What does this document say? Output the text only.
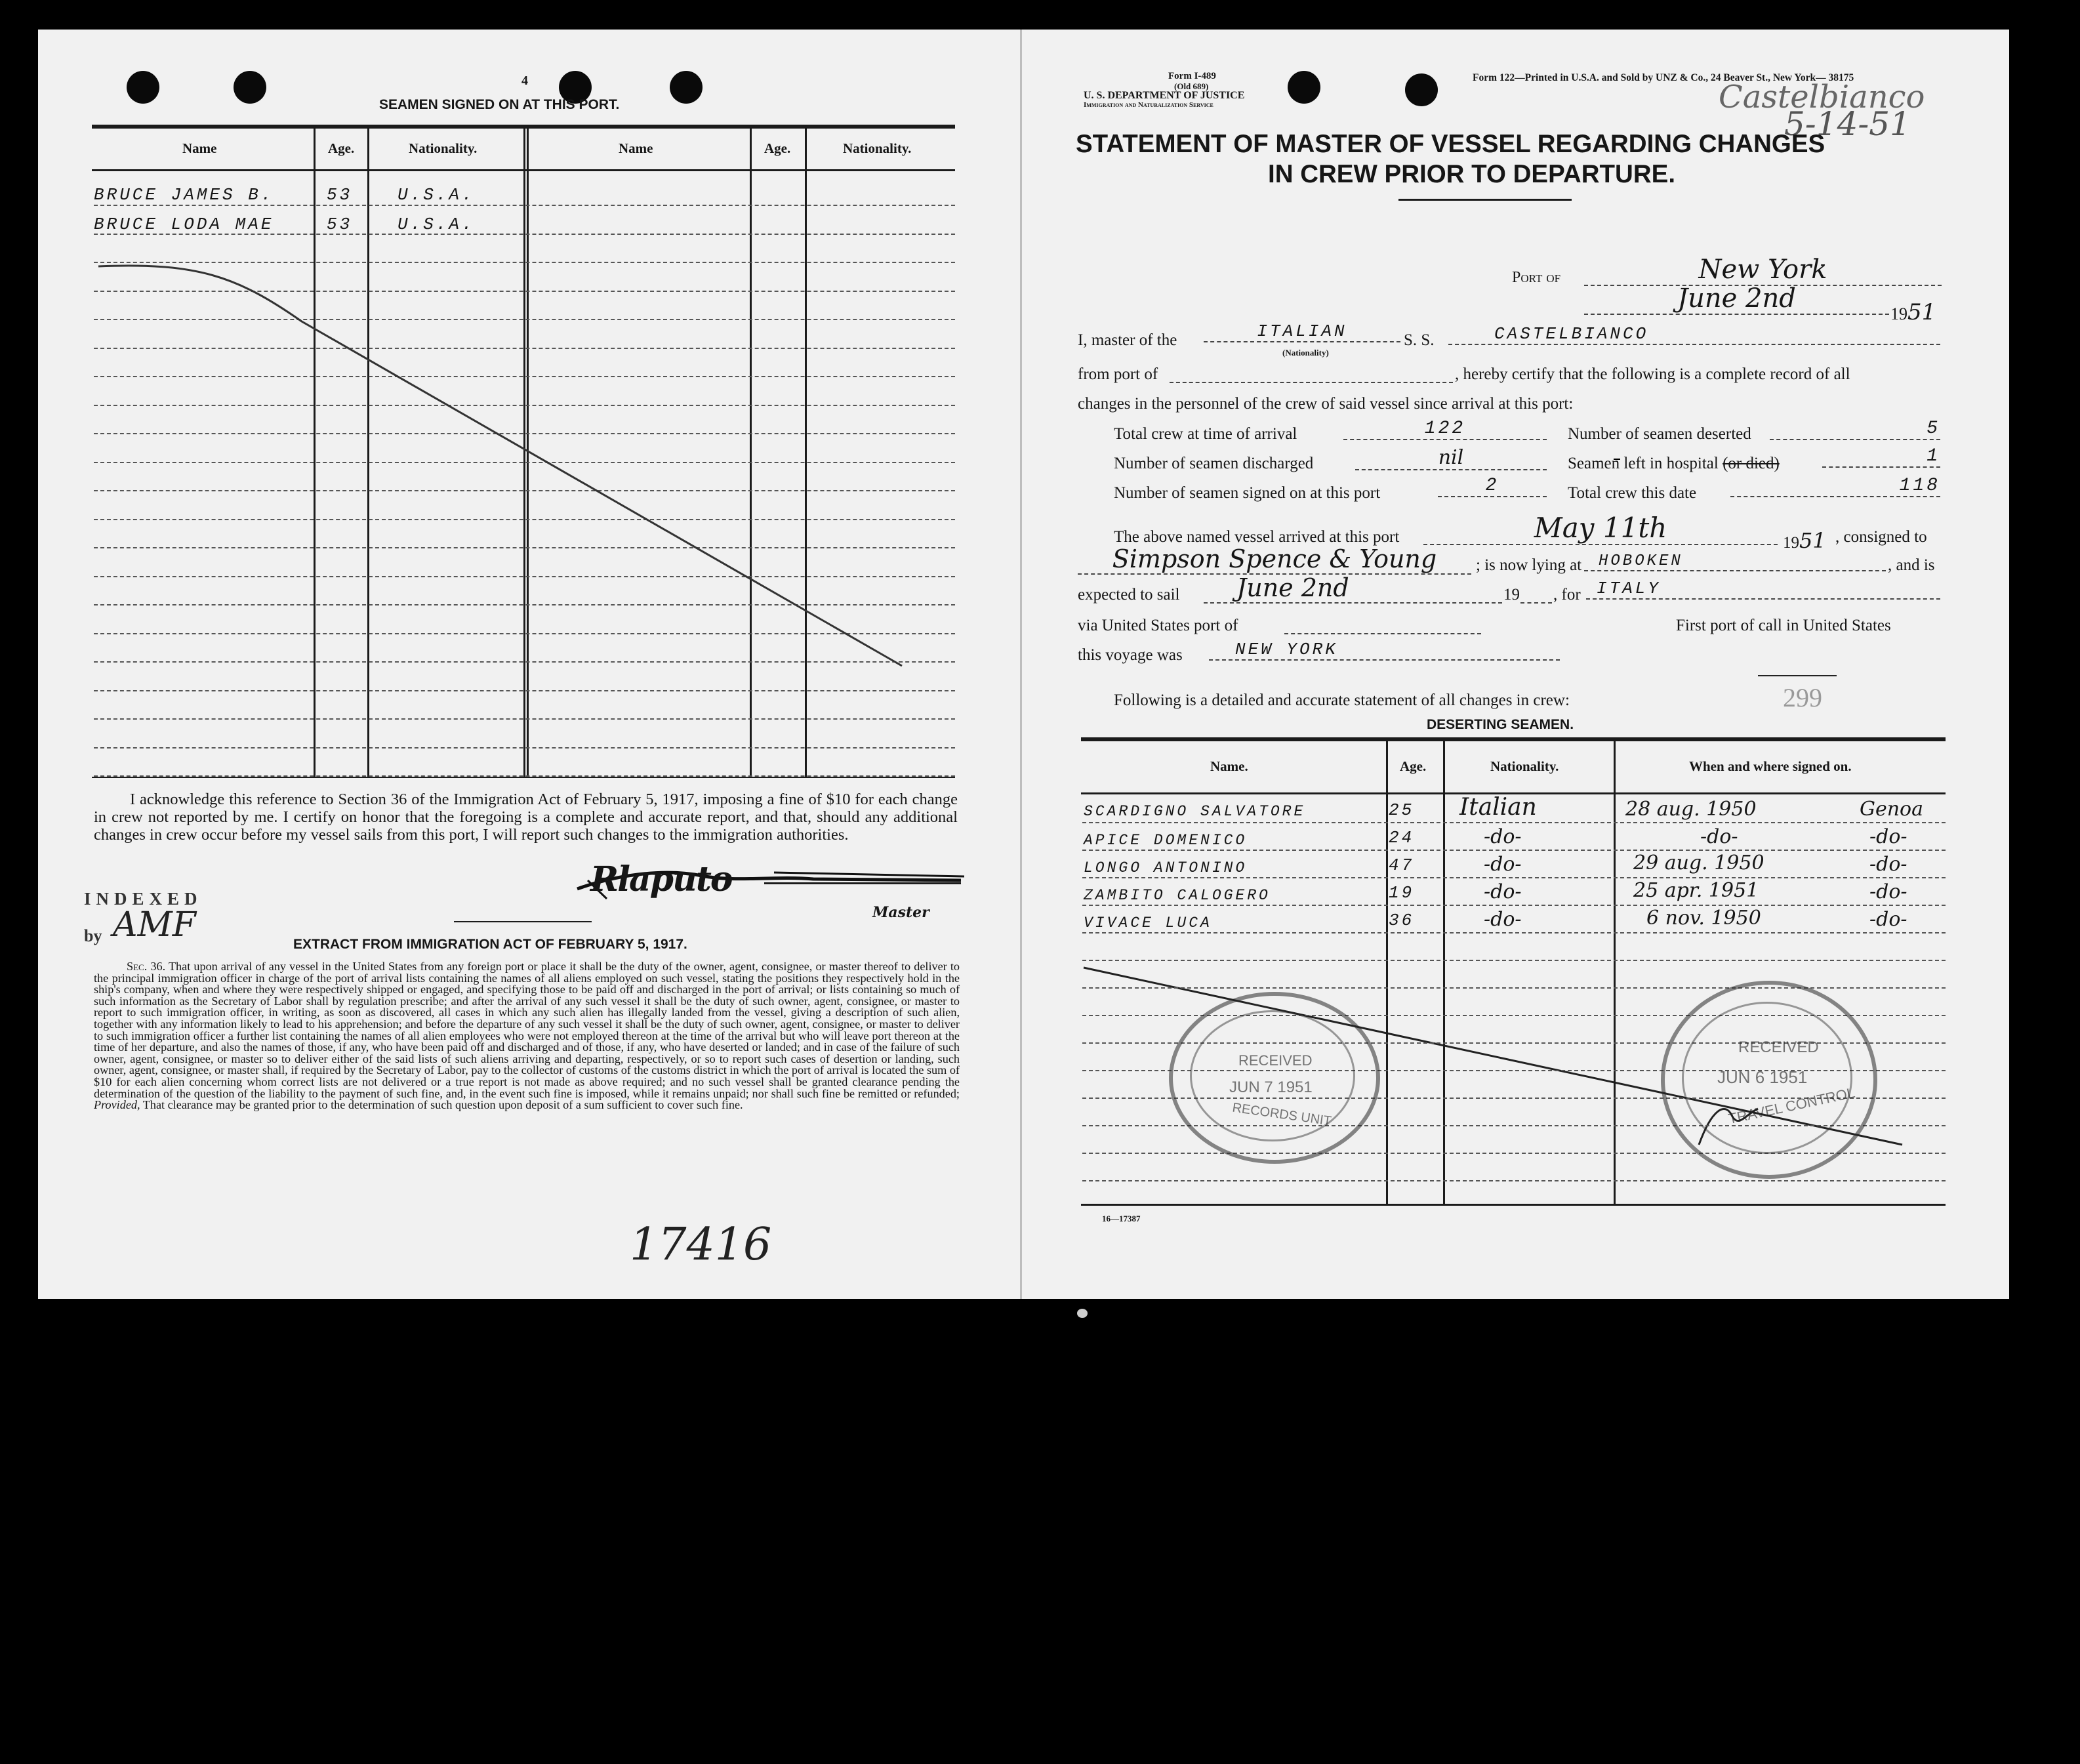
4
SEAMEN SIGNED ON AT THIS PORT.
Name	Age.	Nationality.	Name	Age.	Nationality.
BRUCE JAMES B.	53	U.S.A.
BRUCE LODA MAE	53	U.S.A.
I acknowledge this reference to Section 36 of the Immigration Act of February 5, 1917, imposing a fine of $10 for each change in crew not reported by me. I certify on honor that the foregoing is a complete and accurate report, and that, should any additional changes in crew occur before my vessel sails from this port, I will report such changes to the immigration authorities.
Rlaputo
Master
INDEXED
by AMF	EXTRACT FROM IMMIGRATION ACT OF FEBRUARY 5, 1917.
Sec. 36. That upon arrival of any vessel in the United States from any foreign port or place it shall be the duty of the owner, agent, consignee, or master thereof to deliver to the principal immigration officer in charge of the port of arrival lists containing the names of all aliens employed on such vessel, stating the positions they respectively hold in the ship's company, when and where they were respectively shipped or engaged, and specifying those to be paid off and discharged in the port of arrival; or lists containing so much of such information as the Secretary of Labor shall by regulation prescribe; and after the arrival of any such vessel it shall be the duty of such owner, agent, consignee, or master to report to such immigration officer, in writing, as soon as discovered, all cases in which any such alien has illegally landed from the vessel, giving a description of such alien, together with any information likely to lead to his apprehension; and before the departure of any such vessel it shall be the duty of such owner, agent, consignee, or master to deliver to such immigration officer a further list containing the names of all alien employees who were not employed thereon at the time of the arrival but who will leave port thereon at the time of her departure, and also the names of those, if any, who have been paid off and discharged and of those, if any, who have deserted or landed; and in case of the failure of such owner, agent, consignee, or master so to deliver either of the said lists of such aliens arriving and departing, respectively, or so to report such cases of desertion or landing, such owner, agent, consignee, or master shall, if required by the Secretary of Labor, pay to the collector of customs of the customs district in which the port of arrival is located the sum of $10 for each alien concerning whom correct lists are not delivered or a true report is not made as above required; and no such vessel shall be granted clearance pending the determination of the question of the liability to the payment of such fine, and, in the event such fine is imposed, while it remains unpaid; nor shall such fine be remitted or refunded; Provided, That clearance may be granted prior to the determination of such question upon deposit of a sum sufficient to cover such fine.
17416
Form I-489
(Old 689)
U. S. DEPARTMENT OF JUSTICE
Immigration and Naturalization Service
Form 122—Printed in U.S.A. and Sold by UNZ & Co., 24 Beaver St., New York— 38175
Castelbianco
5-14-51
STATEMENT OF MASTER OF VESSEL REGARDING CHANGES
IN CREW PRIOR TO DEPARTURE.
Port of	New York
June 2nd
1951
I, master of the	ITALIAN
(Nationality)
S. S.	CASTELBIANCO
from port of	, hereby certify that the following is a complete record of all
changes in the personnel of the crew of said vessel since arrival at this port:
Total crew at time of arrival	122	Number of seamen deserted	5
Number of seamen discharged	nil	Seamen left in hospital (or died)	1
Number of seamen signed on at this port	2	Total crew this date	118
The above named vessel arrived at this port	May 11th	1951 , consigned to
Simpson Spence & Young	; is now lying at	HOBOKEN	, and is
expected to sail	June 2nd	19 , for ITALY
via United States port of	First port of call in United States
this voyage was	NEW YORK
Following is a detailed and accurate statement of all changes in crew:	299
DESERTING SEAMEN.
Name.	Age.	Nationality.	When and where signed on.
SCARDIGNO SALVATORE	25 Italian	28 aug. 1950	Genoa
APICE DOMENICO	24	-do-	-do-	-do-
LONGO ANTONINO	47	-do-	29 aug. 1950	-do-
ZAMBITO CALOGERO	19	-do-	25 apr. 1951	-do-
VIVACE LUCA	36	-do-	6 nov. 1950	-do-
RECEIVED
JUN 7 1951
RECORDS UNIT
RECEIVED
JUN 6 1951
TRAVEL CONTROL
16—17387
